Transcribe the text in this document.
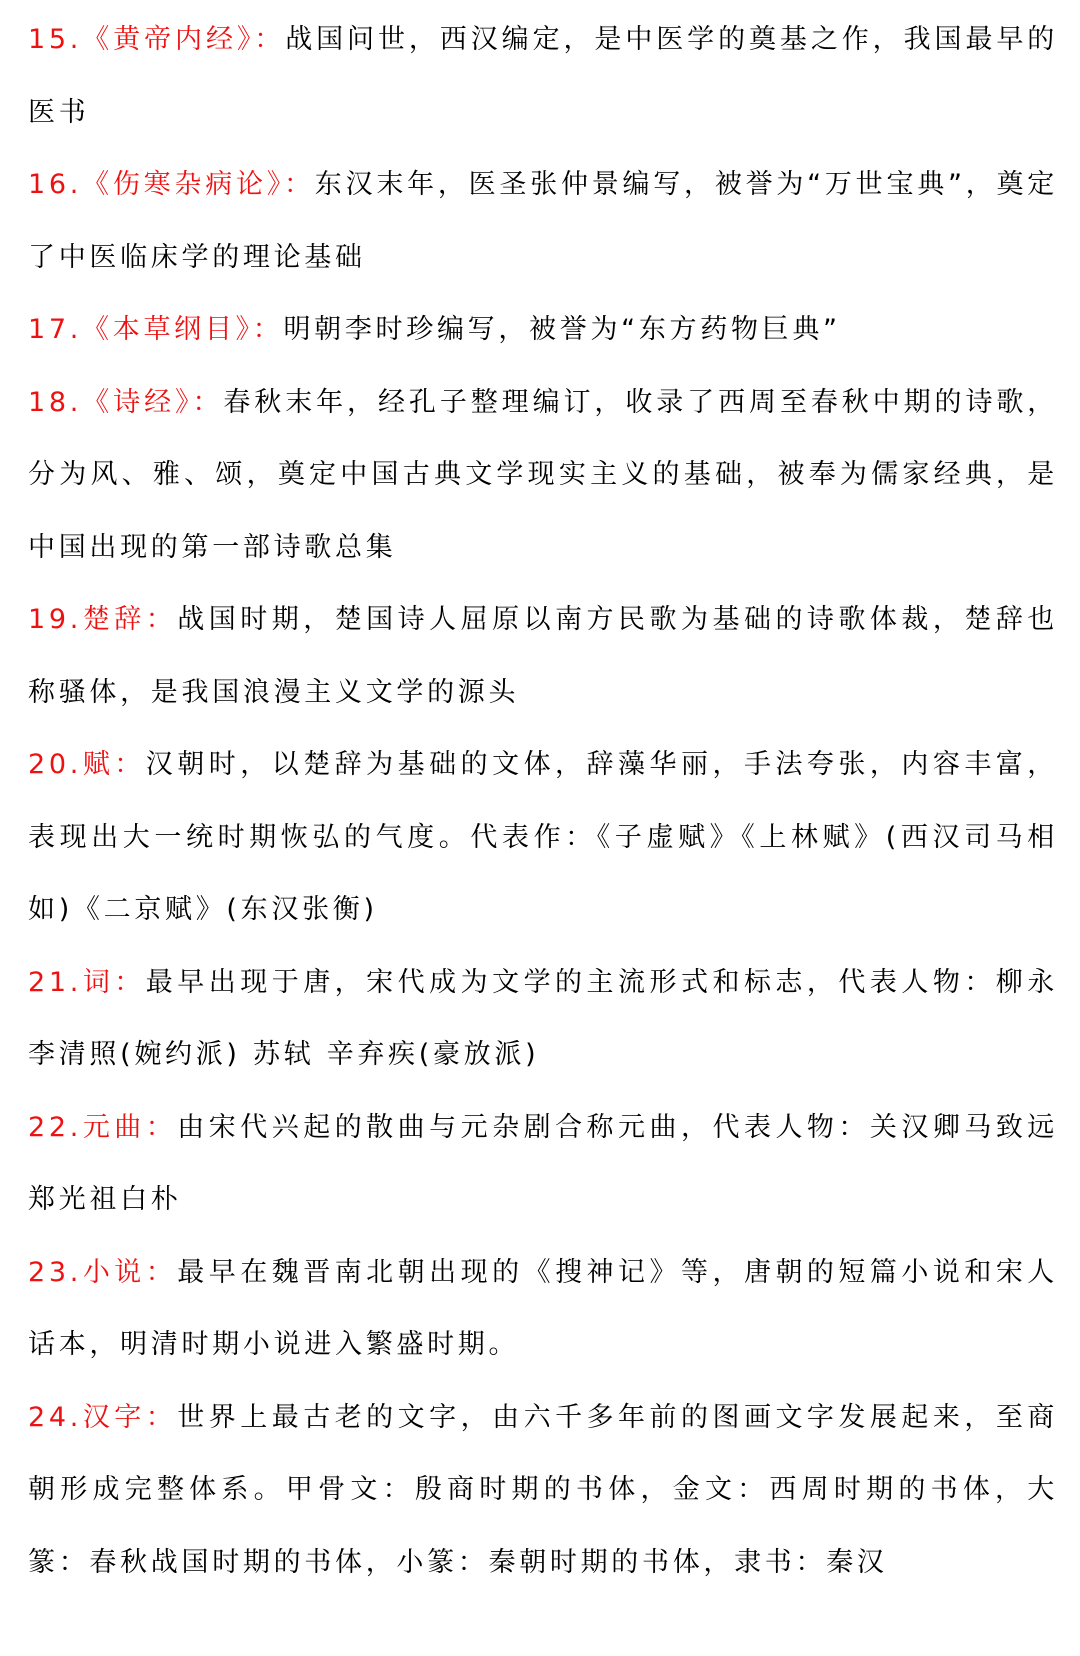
15.《黄帝内经》：战国问世，西汉编定，是中医学的奠基之作，我国最早的医书

16.《伤寒杂病论》：东汉末年，医圣张仲景编写，被誉为“万世宝典”，奠定了中医临床学的理论基础

17.《本草纲目》：明朝李时珍编写，被誉为“东方药物巨典”

18.《诗经》：春秋末年，经孔子整理编订，收录了西周至春秋中期的诗歌，分为风、雅、颂，奠定中国古典文学现实主义的基础，被奉为儒家经典，是中国出现的第一部诗歌总集

19.楚辞：战国时期，楚国诗人屈原以南方民歌为基础的诗歌体裁，楚辞也称骚体，是我国浪漫主义文学的源头

20.赋：汉朝时，以楚辞为基础的文体，辞藻华丽，手法夸张，内容丰富，表现出大一统时期恢弘的气度。代表作：《子虚赋》《上林赋》(西汉司马相如)《二京赋》(东汉张衡)

21.词：最早出现于唐，宋代成为文学的主流形式和标志，代表人物：柳永 李清照(婉约派) 苏轼 辛弃疾(豪放派)

22.元曲：由宋代兴起的散曲与元杂剧合称元曲，代表人物：关汉卿马致远郑光祖白朴

23.小说：最早在魏晋南北朝出现的《搜神记》等，唐朝的短篇小说和宋人话本，明清时期小说进入繁盛时期。

24.汉字：世界上最古老的文字，由六千多年前的图画文字发展起来，至商朝形成完整体系。甲骨文：殷商时期的书体，金文：西周时期的书体，大篆：春秋战国时期的书体，小篆：秦朝时期的书体，隶书：秦汉
